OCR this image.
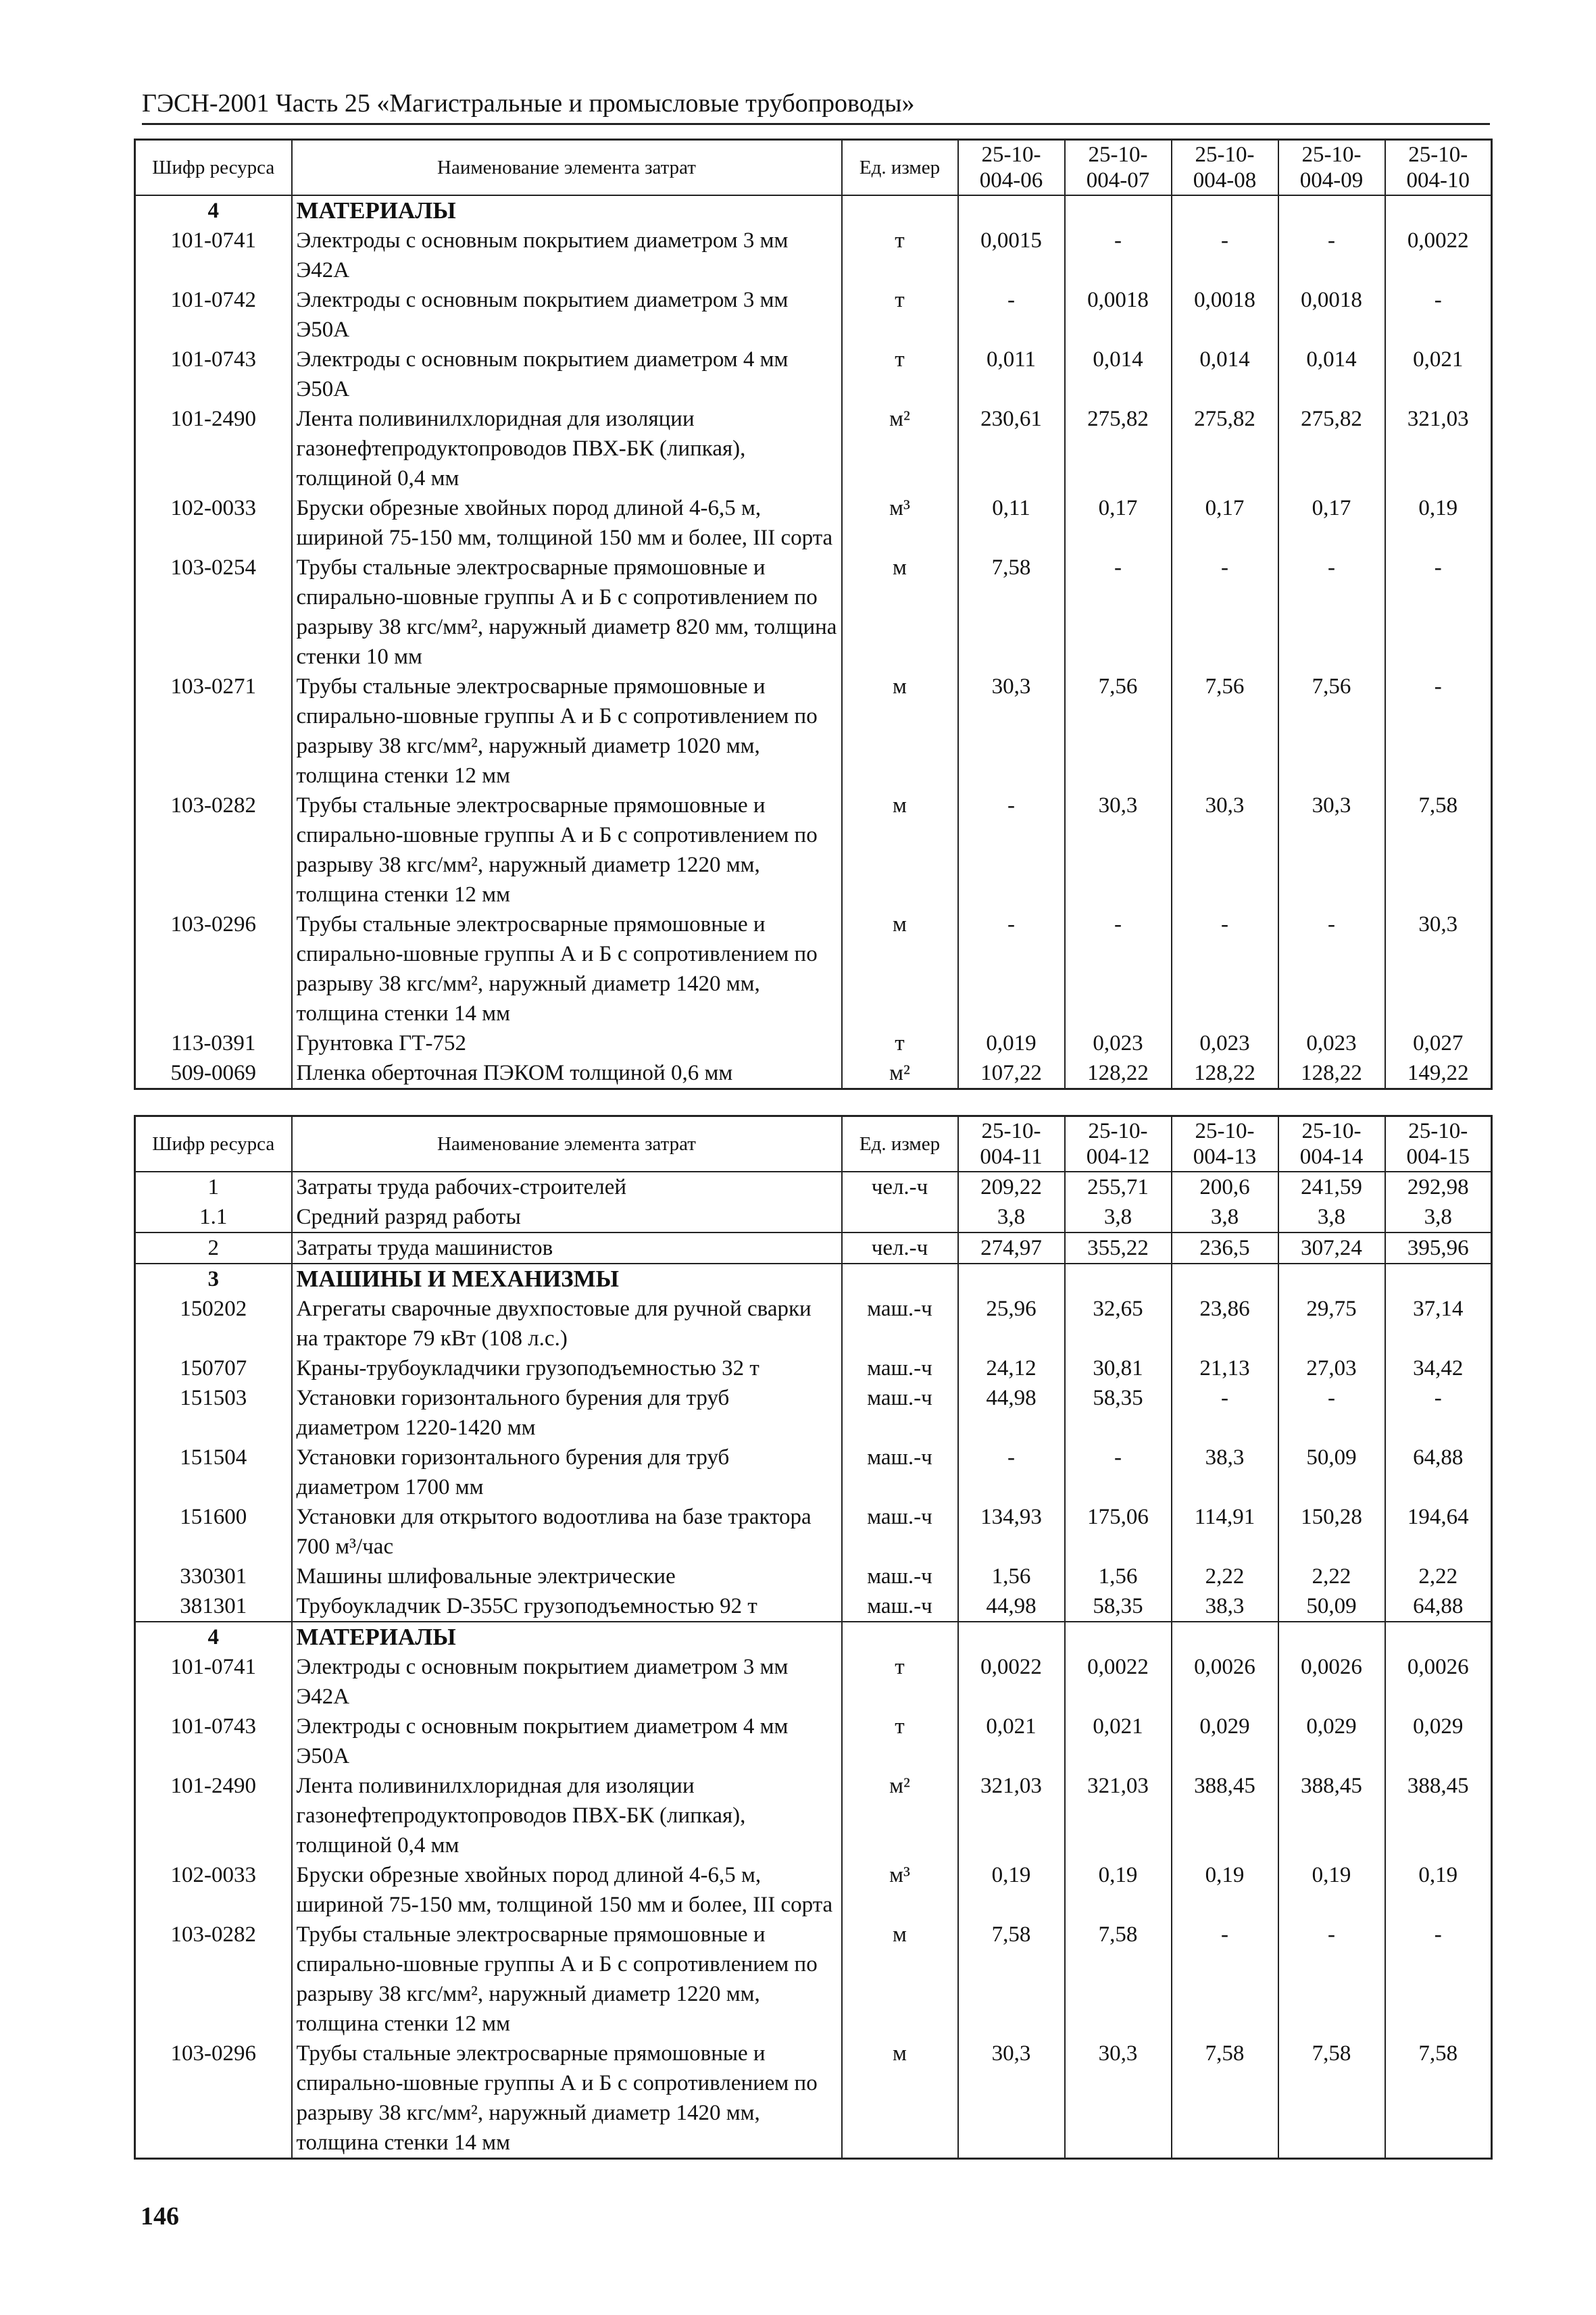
ГЭСН-2001 Часть 25 «Магистральные и промысловые трубопроводы»
Шифр ресурса	Наименование элемента затрат	Ед. измер	25-10-004-06	25-10-004-07	25-10-004-08	25-10-004-09	25-10-004-10
4	МАТЕРИАЛЫ						
101-0741	Электроды с основным покрытием диаметром 3 мм Э42А	т	0,0015	-	-	-	0,0022
101-0742	Электроды с основным покрытием диаметром 3 мм Э50А	т	-	0,0018	0,0018	0,0018	-
101-0743	Электроды с основным покрытием диаметром 4 мм Э50А	т	0,011	0,014	0,014	0,014	0,021
101-2490	Лента поливинилхлоридная для изоляции газонефтепродуктопроводов ПВХ-БК (липкая), толщиной 0,4 мм	м²	230,61	275,82	275,82	275,82	321,03
102-0033	Бруски обрезные хвойных пород длиной 4-6,5 м, шириной 75-150 мм, толщиной 150 мм и более, III сорта	м³	0,11	0,17	0,17	0,17	0,19
103-0254	Трубы стальные электросварные прямошовные и спирально-шовные группы А и Б с сопротивлением по разрыву 38 кгс/мм², наружный диаметр 820 мм, толщина стенки 10 мм	м	7,58	-	-	-	-
103-0271	Трубы стальные электросварные прямошовные и спирально-шовные группы А и Б с сопротивлением по разрыву 38 кгс/мм², наружный диаметр 1020 мм, толщина стенки 12 мм	м	30,3	7,56	7,56	7,56	-
103-0282	Трубы стальные электросварные прямошовные и спирально-шовные группы А и Б с сопротивлением по разрыву 38 кгс/мм², наружный диаметр 1220 мм, толщина стенки 12 мм	м	-	30,3	30,3	30,3	7,58
103-0296	Трубы стальные электросварные прямошовные и спирально-шовные группы А и Б с сопротивлением по разрыву 38 кгс/мм², наружный диаметр 1420 мм, толщина стенки 14 мм	м	-	-	-	-	30,3
113-0391	Грунтовка ГТ-752	т	0,019	0,023	0,023	0,023	0,027
509-0069	Пленка оберточная ПЭКОМ толщиной 0,6 мм	м²	107,22	128,22	128,22	128,22	149,22
Шифр ресурса	Наименование элемента затрат	Ед. измер	25-10-004-11	25-10-004-12	25-10-004-13	25-10-004-14	25-10-004-15
1	Затраты труда рабочих-строителей	чел.-ч	209,22	255,71	200,6	241,59	292,98
1.1	Средний разряд работы		3,8	3,8	3,8	3,8	3,8
2	Затраты труда машинистов	чел.-ч	274,97	355,22	236,5	307,24	395,96
3	МАШИНЫ И МЕХАНИЗМЫ						
150202	Агрегаты сварочные двухпостовые для ручной сварки на тракторе 79 кВт (108 л.с.)	маш.-ч	25,96	32,65	23,86	29,75	37,14
150707	Краны-трубоукладчики грузоподъемностью 32 т	маш.-ч	24,12	30,81	21,13	27,03	34,42
151503	Установки горизонтального бурения для труб диаметром 1220-1420 мм	маш.-ч	44,98	58,35	-	-	-
151504	Установки горизонтального бурения для труб диаметром 1700 мм	маш.-ч	-	-	38,3	50,09	64,88
151600	Установки для открытого водоотлива на базе трактора 700 м³/час	маш.-ч	134,93	175,06	114,91	150,28	194,64
330301	Машины шлифовальные электрические	маш.-ч	1,56	1,56	2,22	2,22	2,22
381301	Трубоукладчик D-355C грузоподъемностью 92 т	маш.-ч	44,98	58,35	38,3	50,09	64,88
4	МАТЕРИАЛЫ						
101-0741	Электроды с основным покрытием диаметром 3 мм Э42А	т	0,0022	0,0022	0,0026	0,0026	0,0026
101-0743	Электроды с основным покрытием диаметром 4 мм Э50А	т	0,021	0,021	0,029	0,029	0,029
101-2490	Лента поливинилхлоридная для изоляции газонефтепродуктопроводов ПВХ-БК (липкая), толщиной 0,4 мм	м²	321,03	321,03	388,45	388,45	388,45
102-0033	Бруски обрезные хвойных пород длиной 4-6,5 м, шириной 75-150 мм, толщиной 150 мм и более, III сорта	м³	0,19	0,19	0,19	0,19	0,19
103-0282	Трубы стальные электросварные прямошовные и спирально-шовные группы А и Б с сопротивлением по разрыву 38 кгс/мм², наружный диаметр 1220 мм, толщина стенки 12 мм	м	7,58	7,58	-	-	-
103-0296	Трубы стальные электросварные прямошовные и спирально-шовные группы А и Б с сопротивлением по разрыву 38 кгс/мм², наружный диаметр 1420 мм, толщина стенки 14 мм	м	30,3	30,3	7,58	7,58	7,58
146
